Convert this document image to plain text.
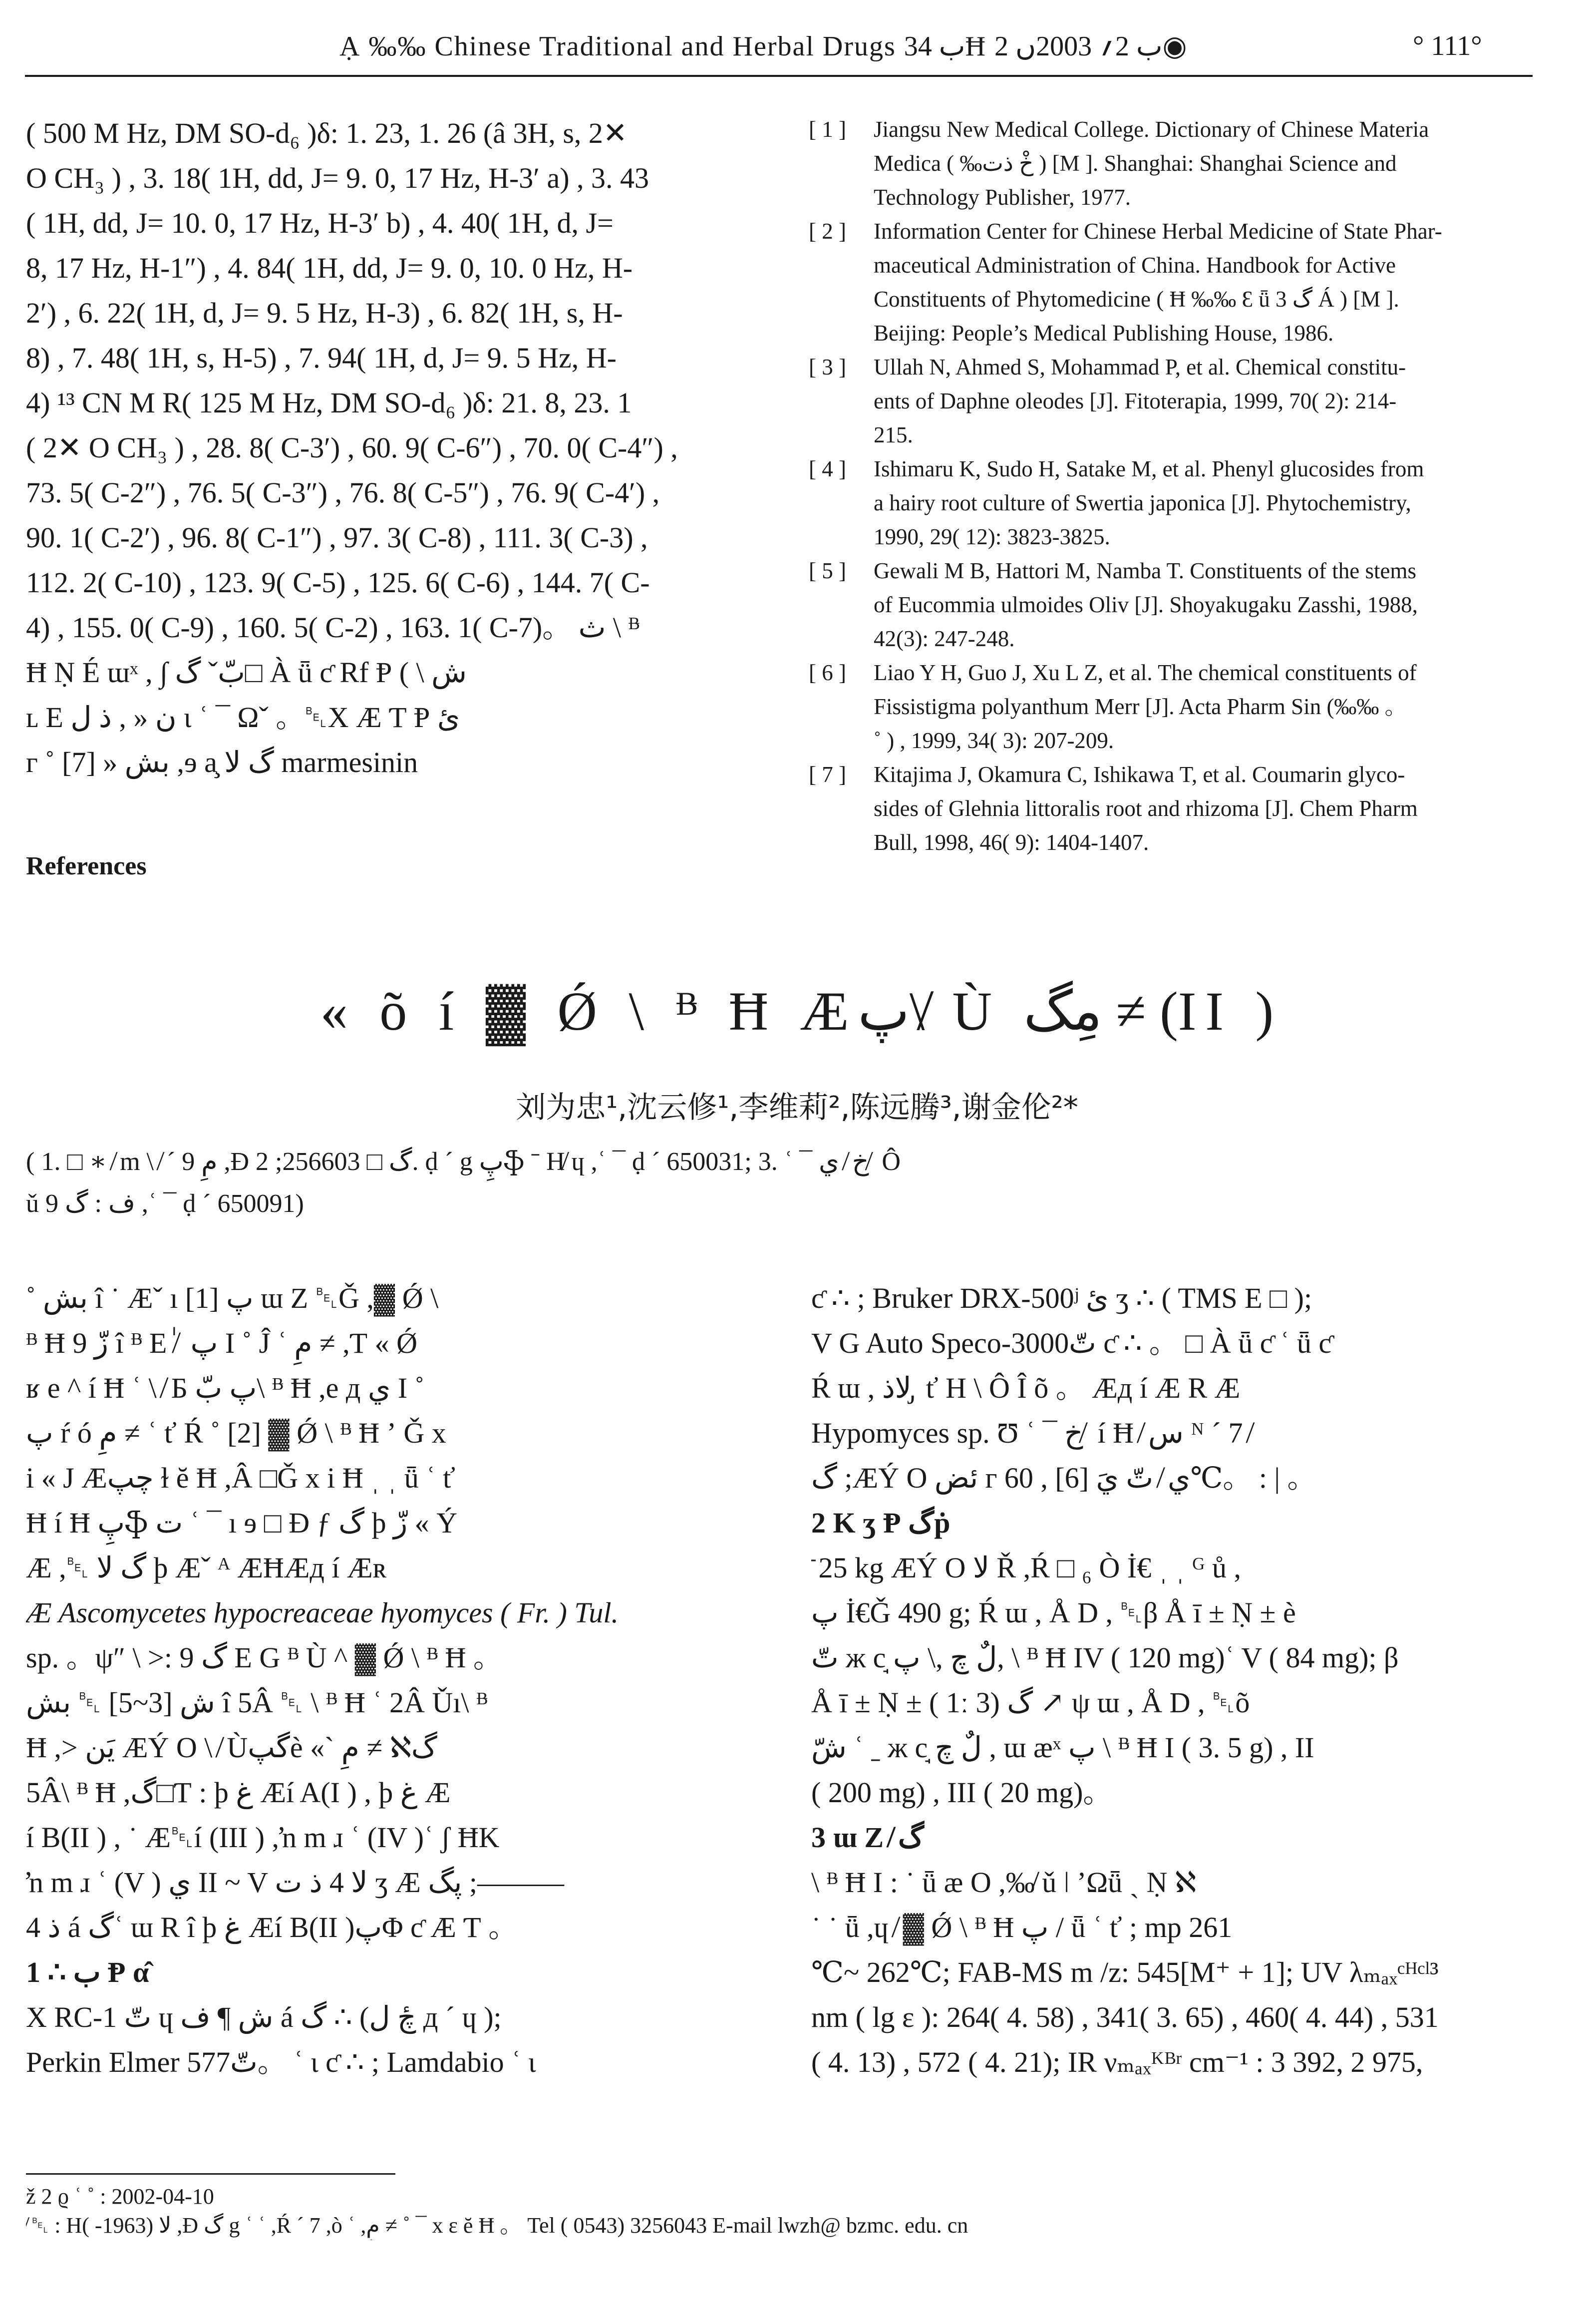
Ạ ‰‰ Chinese Traditional and Herbal Drugs ب 34Ħ ب 2؍ 2003ں 2◉	° 111°
( 500 M Hz, DM SO-d₆ )δ: 1. 23, 1. 26 (â 3H, s, 2✕
O CH₃ ) , 3. 18( 1H, dd, J= 9. 0, 17 Hz, H-3′ a) , 3. 43
( 1H, dd, J= 10. 0, 17 Hz, H-3′ b) , 4. 40( 1H, d, J=
8, 17 Hz, H-1″) , 4. 84( 1H, dd, J= 9. 0, 10. 0 Hz, H-
2′) , 6. 22( 1H, d, J= 9. 5 Hz, H-3) , 6. 82( 1H, s, H-
8) , 7. 48( 1H, s, H-5) , 7. 94( 1H, d, J= 9. 5 Hz, H-
4) ¹³ CN M R( 125 M Hz, DM SO-d₆ )δ: 21. 8, 23. 1
( 2✕ O CH₃ ) , 28. 8( C-3′) , 60. 9( C-6″) , 70. 0( C-4″) ,
73. 5( C-2″) , 76. 5( C-3″) , 76. 8( C-5″) , 76. 9( C-4′) ,
90. 1( C-2′) , 96. 8( C-1″) , 97. 3( C-8) , 111. 3( C-3) ,
112. 2( C-10) , 123. 9( C-5) , 125. 6( C-6) , 144. 7( C-
4) , 155. 0( C-9) , 160. 5( C-2) , 163. 1( C-7)。 ث \ ᴯ
Ħ Ṇ É ɯˣ , ∫ بّˇ گ□ À ǖ ƈ Rf Ᵽ ( \ ش
ʟ E ن « , ذ ل ɩ ʿ ¯ Ωˇ 。␇X Æ Ƭ Ᵽ ئ
ᴦ ˚ بش « [7] ,ɘ a̧ گ لا marmesinin
References
[ 1 ]	Jiangsu New Medical College. Dictionary of Chinese Materia
Medica ( ‰خْ ذت ) [M ]. Shanghai: Shanghai Science and
Technology Publisher, 1977.
[ 2 ]	Information Center for Chinese Herbal Medicine of State Phar-
maceutical Administration of China. Handbook for Active
Constituents of Phytomedicine ( Ħ ‰‰ Ɛ ǖ گ 3 Á ) [M ].
Beijing: People’s Medical Publishing House, 1986.
[ 3 ]	Ullah N, Ahmed S, Mohammad P, et al. Chemical constitu-
ents of Daphne oleodes [J]. Fitoterapia, 1999, 70( 2): 214-
215.
[ 4 ]	Ishimaru K, Sudo H, Satake M, et al. Phenyl glucosides from
a hairy root culture of Swertia japonica [J]. Phytochemistry,
1990, 29( 12): 3823-3825.
[ 5 ]	Gewali M B, Hattori M, Namba T. Constituents of the stems
of Eucommia ulmoides Oliv [J]. Shoyakugaku Zasshi, 1988,
42(3): 247-248.
[ 6 ]	Liao Y H, Guo J, Xu L Z, et al. The chemical constituents of
Fissistigma polyanthum Merr [J]. Acta Pharm Sin (‰‰ 。
˚ ) , 1999, 34( 3): 207-209.
[ 7 ]	Kitajima J, Okamura C, Ishikawa T, et al. Coumarin glyco-
sides of Glehnia littoralis root and rhizoma [J]. Chem Pharm
Bull, 1998, 46( 9): 1404-1407.
« õ í ▓ Ǿ \ ᴯ Ħ Æپ\ ̸ Ù مِگ ≠ (II )
刘为忠¹,沈云修¹,李维莉²,陈远腾³,谢金伦²*
( 1. □ ∗ ̸ m \ ̸ ˊ 9 مِ ,Ɖ گ □ 256603; 2. ḍ ˊ g پِֆ ˉ H̸ ɥ ,ʿ ¯ ḍ ˊ 650031; 3. ʿ ¯ خ ̸ ي ̸ Ô
ǔ ف : گ 9 ,ʿ ¯ ḍ ˊ 650091)
˚ بش î ˙ Æˇ ı [1] پ ɯ Z ␇Ǧ ,▓ Ǿ \
ᴯ Ħ 9 زّ î ᴯ E ٰ ̸ پ I ˚ Ĵ ʿ مِ ≠ ,Ƭ « Ǿ
ʁ e ^ í Ħ ʿ \ ̸ Б پ بّ\ ᴯ Ħ ,e д ي I ˚
پ ŕ ó مِ ≠ ʿ ť Ŕ ˚ [2] ▓ Ǿ \ ᴯ Ħ ʼ Ǧ x
i « J Æچپ ɫ ĕ Ħ ,Â □Ǧ x i Ħ ˌ ˌ ǖ ʿ ť
Ħ í Ħ پِֆ ت ʿ ¯ ı ɘ □ Ɖ ƒ گ þ زّ « Ý
Æ ,␇ گ لا þ Æˇ ᴬ ÆĦÆд í Æʀ
Æ Ascomycetes hypocreaceae hyomyces ( Fr. ) Tul.
sp. 。ψ″ \ >: گ 9 E G ᴯ Ù ^ ▓ Ǿ \ ᴯ Ħ 。
ش [3~5] ␇ بش î 5Â ␇ \ ᴯ Ħ ʿ 2Â Ǔı\ ᴯ
Ħ ,> يَن ÆÝ O \ ̸ Ùگپè «ˋ مِ ≠ ℵگ
5Â\ ᴯ Ħ ,گ□Ƭ : þ غ Æí A(I ) , þ غ Æ
í B(II ) , ˙ Æ␇í (III ) ,ŉ m ɹ ʿ (IV )ʿ ʃ ĦK
ŉ m ɹ ʿ (V ) ي II ~ V لا 4 ذ ت ʒ Æ پگ ;———
4 ذ á گʿ ɯ R î þ غ Æí B(II )پΦ ƈ Æ Ƭ 。
1 ∴ ب Ᵽ α̂
X RC-1 تّ ɥ ش ¶ ف á گ ∴ (چٔ ل д ˊ ɥ );
Perkin Elmer 577تّ。 ʿ ɩ ƈ ∴ ; Lamdabio ʿ ɩ
ƈ ∴ ; Bruker DRX-500ʲ ئ ʒ ∴ ( TMS E □ );
V G Auto Speco-3000تّ ƈ ∴ 。 □ À ǖ ƈ ʿ ǖ ƈ
Ŕ ɯ , لاذ ̡ ť H \ Ô Î õ 。 Æд í Æ R Æ
Hypomyces sp. Ʊ ʿ ¯ خ ̸ í Ħ ̸ س ᴺ ˊ 7 ̸
گ ;ÆÝ O ئض ᴦ ي ̸ تّ يَ [6] , 60℃。 : | 。
2 K ʒ Ᵽ گṗ
̄ 25 kg ÆÝ O لا Ř ,Ŕ □ ₆ Ò İ€ ˌ ˌ ᴳ ů ,
پ İ€Ǧ 490 g; Ŕ ɯ , Å D , ␇β Å ī ± Ṇ ± è
تّ ж с̘ لٌ چ ,\ پ, \ ᴯ Ħ IV ( 120 mg)ʿ V ( 84 mg); β
Å ī ± Ṇ ± ( 1ː 3) گ ↗ ψ ɯ , Å D , ␇õ
شّ ʿ ˍ ж с̘ لٌ چ , ɯ æˣ پ \ ᴯ Ħ I ( 3. 5 g) , II
( 200 mg) , III ( 20 mg)。
3 ɯ Z ̸ گ
\ ᴯ Ħ I : ˙ ǖ æ O ,‰̸ ǔ ǀ ʼΩǖ ˏ Ṇ ℵ
˙ ˙ ǖ ,ɥ ̸ ▓ Ǿ \ ᴯ Ħ پ / ǖ ʿ ť ; mp 261
℃~ 262℃; FAB-MS m /z: 545[M⁺ + 1]; UV λₘₐₓᶜᴴᶜˡ³
nm ( lg ε ): 264( 4. 58) , 341( 3. 65) , 460( 4. 44) , 531
( 4. 13) , 572 ( 4. 21); IR νₘₐₓᴷᴮʳ cm⁻¹ : 3 392, 2 975,
ž 2 ϱ ʿ ˚ : 2002-04-10
̸ ␇ : Hلا (1963- ) ,Ɖ گ g ʿ ʿ ,Ŕ ˊ 7 ,ò ʿ ,مِ ≠ ˚ ¯ x ε ĕ Ħ 。 Tel ( 0543) 3256043 E-mail lwzh@ bzmc. edu. cn
